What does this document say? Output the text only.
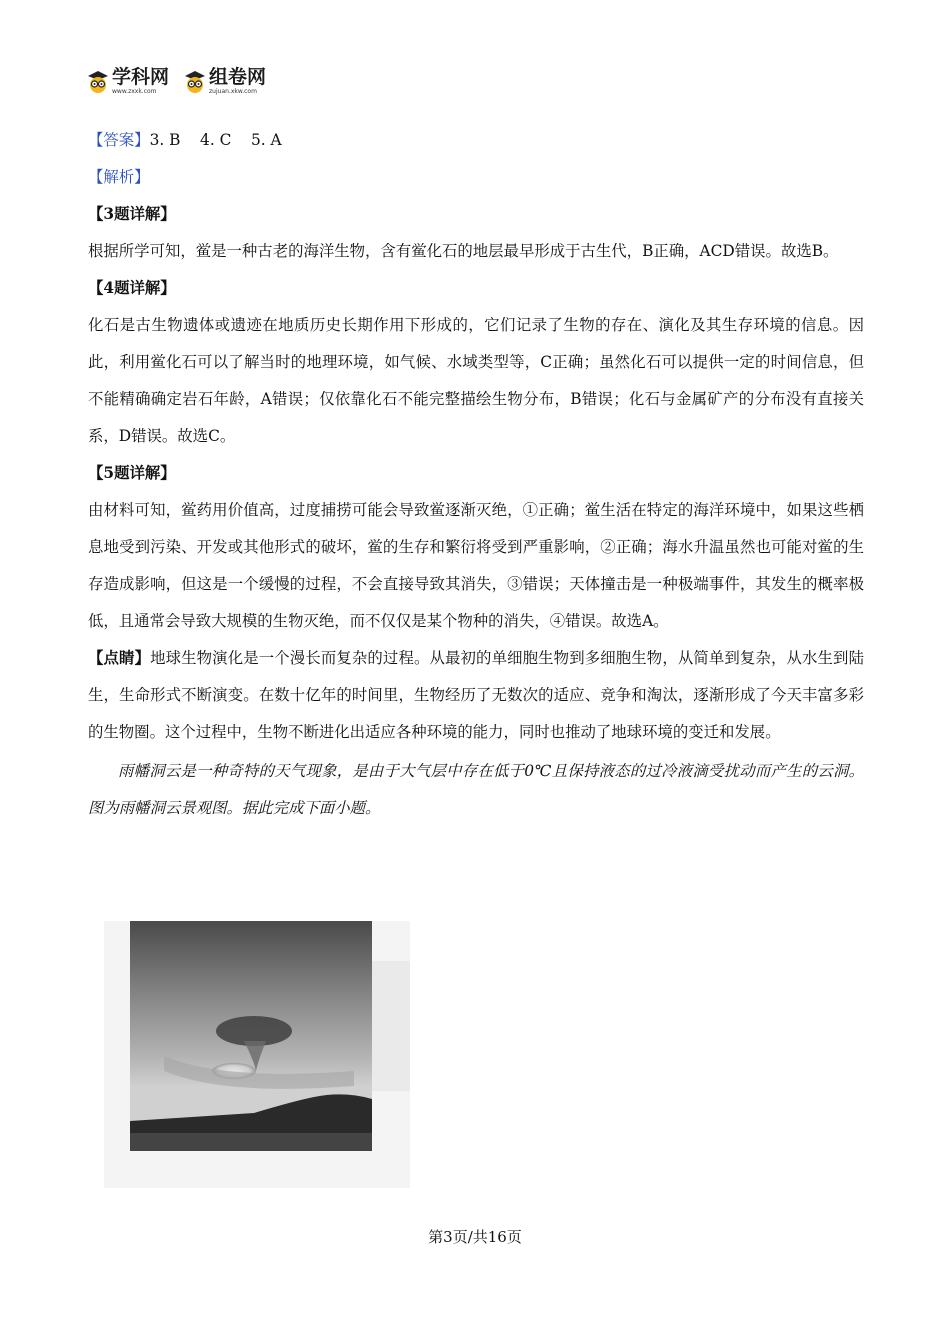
学科网
www.zxxk.com
组卷网
zujuan.xkw.com
【答案】3. B    4. C    5. A
【解析】
【3题详解】
根据所学可知，鲎是一种古老的海洋生物，含有鲎化石的地层最早形成于古生代，B正确，ACD错误。故选B。
【4题详解】
化石是古生物遗体或遗迹在地质历史长期作用下形成的，它们记录了生物的存在、演化及其生存环境的信息。因此，利用鲎化石可以了解当时的地理环境，如气候、水域类型等，C正确；虽然化石可以提供一定的时间信息，但不能精确确定岩石年龄，A错误；仅依靠化石不能完整描绘生物分布，B错误；化石与金属矿产的分布没有直接关系，D错误。故选C。
【5题详解】
由材料可知，鲎药用价值高，过度捕捞可能会导致鲎逐渐灭绝，①正确；鲎生活在特定的海洋环境中，如果这些栖息地受到污染、开发或其他形式的破坏，鲎的生存和繁衍将受到严重影响，②正确；海水升温虽然也可能对鲎的生存造成影响，但这是一个缓慢的过程，不会直接导致其消失，③错误；天体撞击是一种极端事件，其发生的概率极低，且通常会导致大规模的生物灭绝，而不仅仅是某个物种的消失，④错误。故选A。
【点睛】地球生物演化是一个漫长而复杂的过程。从最初的单细胞生物到多细胞生物，从简单到复杂，从水生到陆生，生命形式不断演变。在数十亿年的时间里，生物经历了无数次的适应、竞争和淘汰，逐渐形成了今天丰富多彩的生物圈。这个过程中，生物不断进化出适应各种环境的能力，同时也推动了地球环境的变迁和发展。
雨幡洞云是一种奇特的天气现象，是由于大气层中存在低于0℃且保持液态的过冷液滴受扰动而产生的云洞。图为雨幡洞云景观图。据此完成下面小题。
第3页/共16页
